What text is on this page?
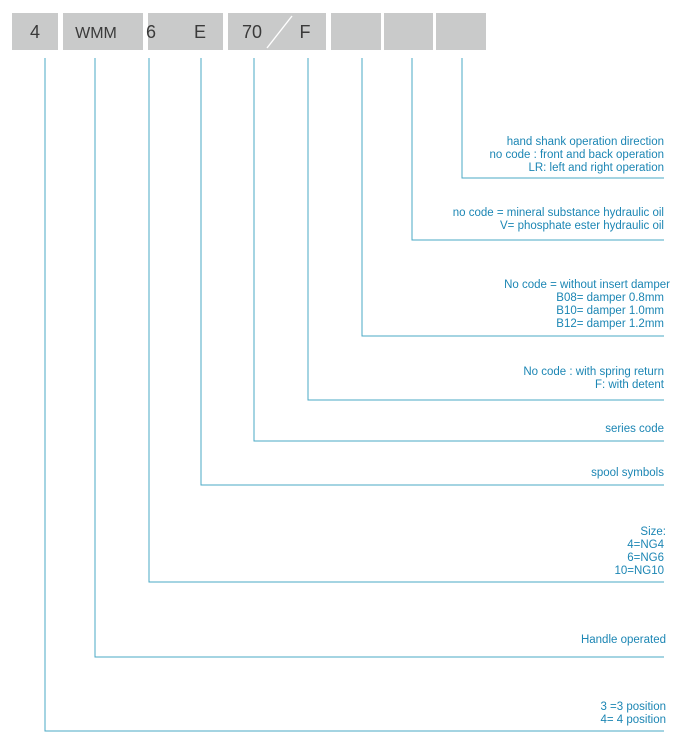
4 WMM 6 E 70 F
hand shank operation direction
no code : front and back operation
LR: left and right operation
no code = mineral substance hydraulic oil
V= phosphate ester hydraulic oil
No code = without insert damper
B08= damper 0.8mm
B10= damper 1.0mm
B12= damper 1.2mm
No code : with spring return
F: with detent
series code
spool symbols
Size:
4=NG4
6=NG6
10=NG10
Handle operated
3 =3 position
4= 4 position
